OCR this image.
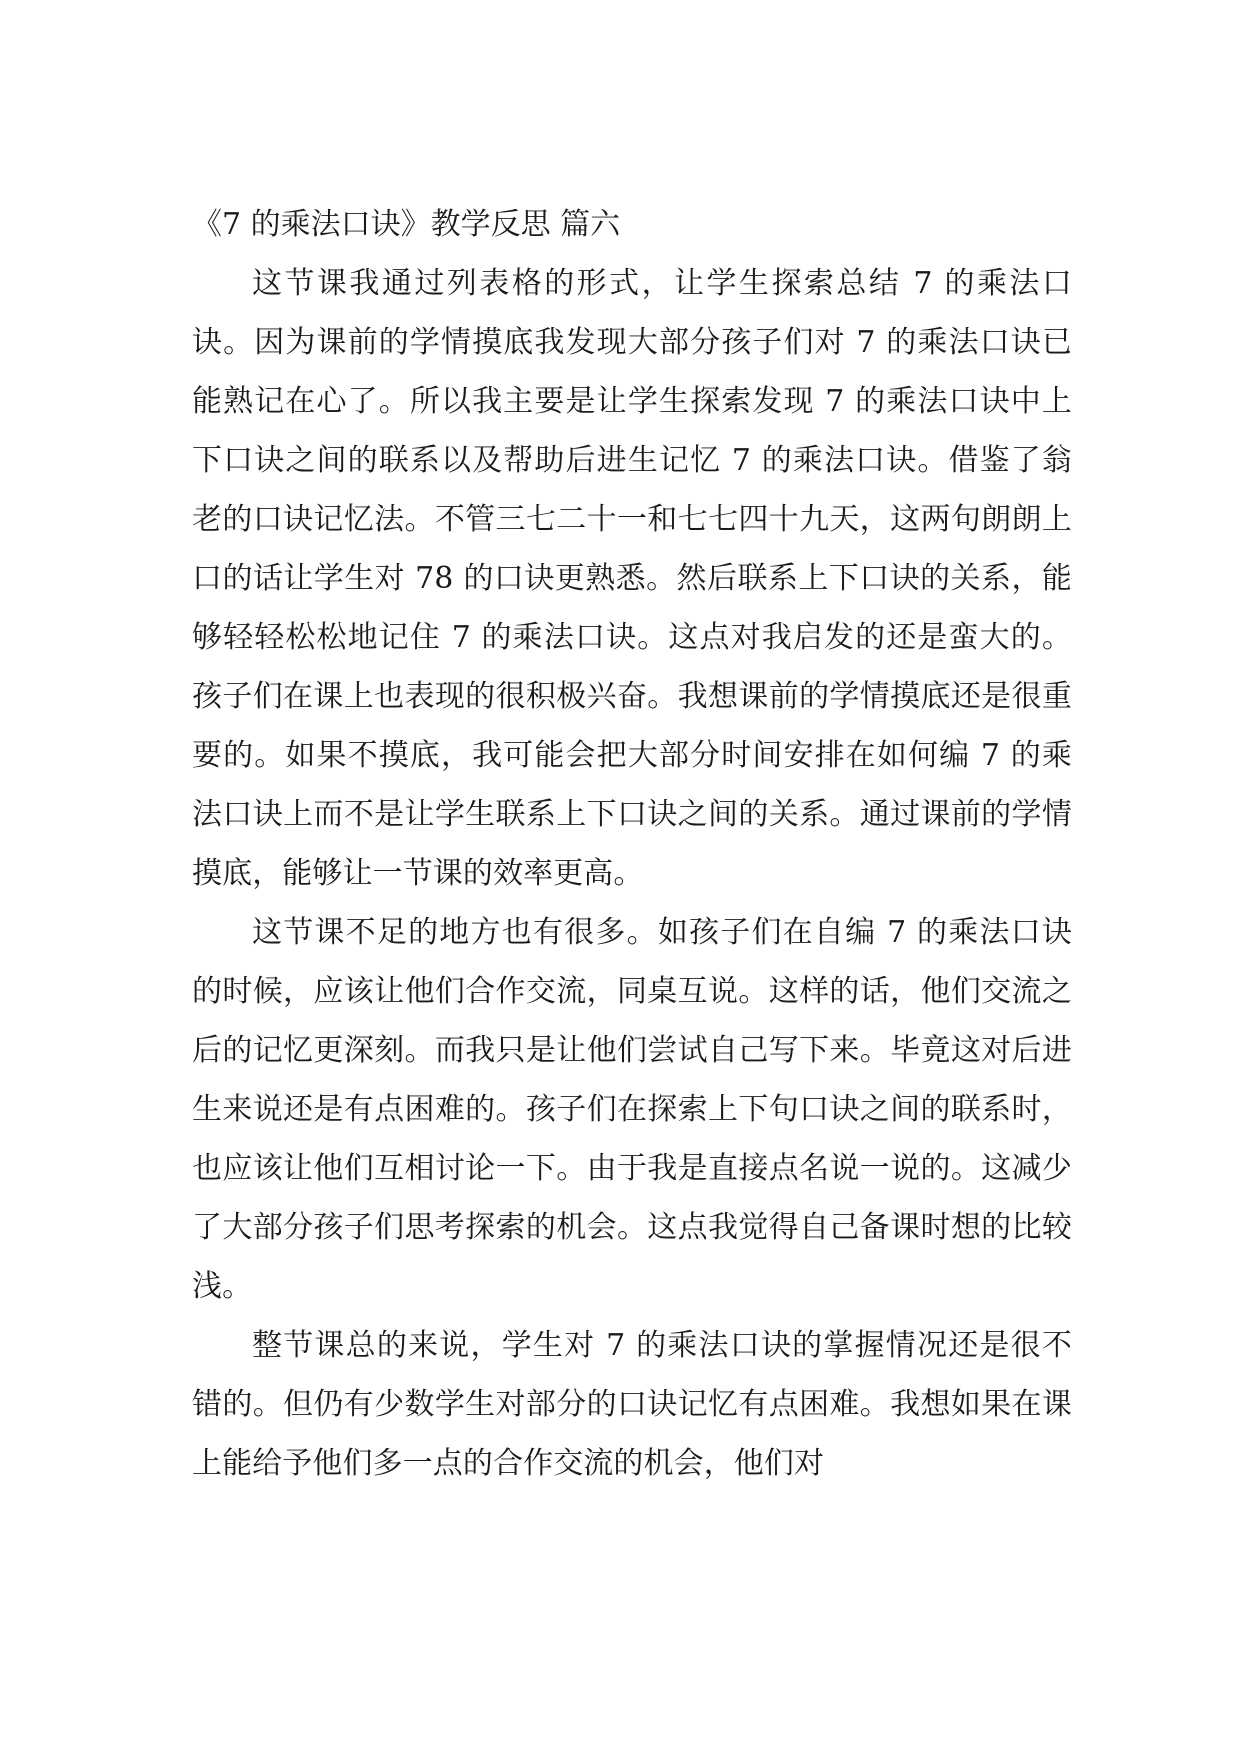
《7 的乘法口诀》教学反思 篇六

这节课我通过列表格的形式，让学生探索总结 7 的乘法口诀。因为课前的学情摸底我发现大部分孩子们对 7 的乘法口诀已能熟记在心了。所以我主要是让学生探索发现 7 的乘法口诀中上下口诀之间的联系以及帮助后进生记忆 7 的乘法口诀。借鉴了翁老的口诀记忆法。不管三七二十一和七七四十九天，这两句朗朗上口的话让学生对 78 的口诀更熟悉。然后联系上下口诀的关系，能够轻轻松松地记住 7 的乘法口诀。这点对我启发的还是蛮大的。孩子们在课上也表现的很积极兴奋。我想课前的学情摸底还是很重要的。如果不摸底，我可能会把大部分时间安排在如何编 7 的乘法口诀上而不是让学生联系上下口诀之间的关系。通过课前的学情摸底，能够让一节课的效率更高。

这节课不足的地方也有很多。如孩子们在自编 7 的乘法口诀的时候，应该让他们合作交流，同桌互说。这样的话，他们交流之后的记忆更深刻。而我只是让他们尝试自己写下来。毕竟这对后进生来说还是有点困难的。孩子们在探索上下句口诀之间的联系时，也应该让他们互相讨论一下。由于我是直接点名说一说的。这减少了大部分孩子们思考探索的机会。这点我觉得自己备课时想的比较浅。

整节课总的来说，学生对 7 的乘法口诀的掌握情况还是很不错的。但仍有少数学生对部分的口诀记忆有点困难。我想如果在课上能给予他们多一点的合作交流的机会，他们对
